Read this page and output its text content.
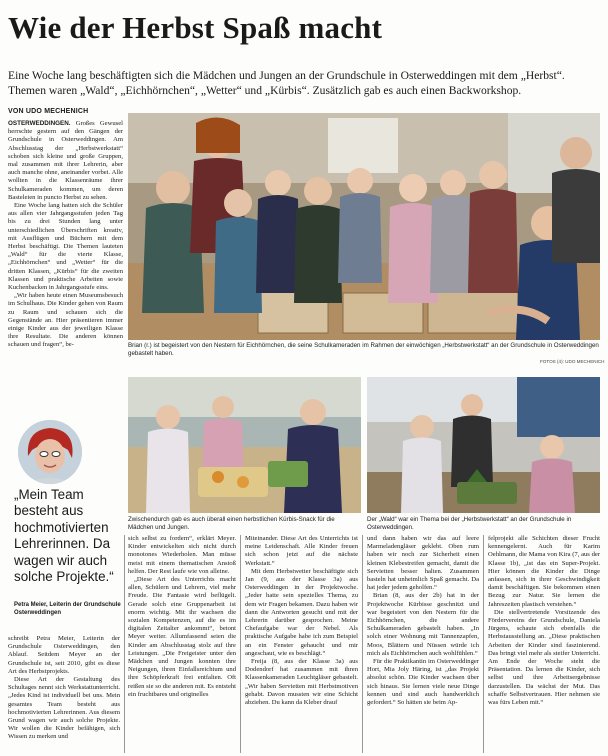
Wie der Herbst Spaß macht
Eine Woche lang beschäftigten sich die Mädchen und Jungen an der Grundschule in Osterweddingen mit dem „Herbst“. Themen waren „Wald“, „Eichhörnchen“, „Wetter“ und „Kürbis“. Zusätzlich gab es auch einen Backworkshop.
VON UDO MECHENICH

OSTERWEDDINGEN. Großes Gewusel herrschte gestern auf den Gängen der Grundschule in Osterweddingen. Am Abschlusstag der „Herbstwerkstatt“ schoben sich kleine und große Gruppen, mal zusammen mit ihrer Lehrerin, aber auch manche ohne, aneinander vorbei. Alle wollten in die Klassenräume ihrer Schulkameraden kommen, um deren Basteleien in puncto Herbst zu sehen.

Eine Woche lang hatten sich die Schüler aus allen vier Jahrgangsstufen jeden Tag bis zu drei Stunden lang unter unterschiedlichen Überschriften kreativ, mit Ausflügen und Büchern mit dem Herbst beschäftigt. Die Themen lauteten „Wald“ für die vierte Klasse, „Eichhörnchen“ und „Wetter“ für die dritten Klassen, „Kürbis“ für die zweiten Klassen und praktische Arbeiten sowie Kuchenbacken in Jahrgangsstufe eins.

„Wir haben heute einen Museumsbesuch im Schulhaus. Die Kinder gehen von Raum zu Raum und schauen sich die Gegenstände an. Hier präsentieren immer einige Kinder aus der jeweiligen Klasse ihre Resultate. Die anderen können schauen und fragen“, be-	Brian (r.) ist begeistert von den Nestern für Eichhörnchen, die seine Schulkameraden im Rahmen der einwöchigen „Herbstwerkstatt“ an der Grundschule in Osterweddingen gebastelt haben.
FOTOS (4): UDO MECHENICH
„Mein Team besteht aus hochmotivierten Lehrerinnen. Da wagen wir auch solche Projekte.“
Petra Meier, Leiterin der Grundschule Osterweddingen
Zwischendurch gab es auch überall einen herbstlichen Kürbis-Snack für die Mädchen und Jungen.
Der „Wald“ war ein Thema bei der „Herbstwerkstatt“ an der Grundschule in Osterweddingen.

schreibt Petra Meier, Leiterin der Grundschule Osterweddingen, den Ablauf. Seitdem Meyer an der Grundschule ist, seit 2010, gibt es diese Art des Herbstprojekts.

Diese Art der Gestaltung des Schultages nennt sich Werkstattunterricht. „Jedes Kind ist individuell bei uns. Mein gesamtes Team besteht aus hochmotivierten Lehrerinnen. Aus diesem Grund wagen wir auch solche Projekte. Wir wollen die Kinder befähigen, sich Wissen zu merken und

sich selbst zu fordern“, erklärt Meyer. Kinder entwickelten sich nicht durch monotones Wiederholen. Man müsse meist mit einem thematischen Anstoß helfen. Der Rest laufe wie von alleine.

„Diese Art des Unterrichts macht allen, Schülern und Lehrern, viel mehr Freude. Die Fantasie wird beflügelt. Gerade solch eine Gruppenarbeit ist enorm wichtig. Mit ihr wachsen die sozialen Kompetenzen, auf die es im digitalen Zeitalter ankommt“, betont Meyer weiter. Allumfassend seien die Kinder am Abschlusstag stolz auf ihre Leistungen. „Die Freigeister unter den Mädchen und Jungen konnten ihre Neigungen, ihren Einfallsreichtum und ihre Schöpferkraft frei entfalten. Oft reißen sie so die anderen mit. Es entsteht ein fruchtbares und originelles

Miteinander. Diese Art des Unterrichts ist meine Leidenschaft. Alle Kinder freuen sich schon jetzt auf die nächste Werkstatt.“

Mit dem Herbstwetter beschäftigte sich Jan (9, aus der Klasse 3a) aus Osterweddingen in der Projektwoche. „Jeder hatte sein spezielles Thema, zu dem wir Fragen bekamen. Dazu haben wir dann die Antworten gesucht und mit der Lehrerin darüber gesprochen. Meine Chefaufgabe war der Nebel. Als praktische Aufgabe habe ich zum Beispiel an ein Fenster gehaucht und mir angeschaut, wie es beschlägt.“

Freija (8, aus der Klasse 3a) aus Dodendorf hat zusammen mit ihren Klassenkameraden Leuchtgläser gebastelt. „Wir haben Servietten mit Herbstmotiven gehabt. Davon mussten wir eine Schicht abziehen. Du kann da Kleber drauf

und dann haben wir das auf leere Marmeladengläser geklebt. Oben rum haben wir noch zur Sicherheit einen kleinen Klebestreifen gemacht, damit die Servietten besser halten. Zusammen basteln hat unheimlich Spaß gemacht. Da hat jeder jedem geholfen.“

Brian (8, aus der 2b) hat in der Projektwoche Kürbisse geschnitzt und war begeistert von den Nestern für die Eichhörnchen, die andere Schulkameraden gebastelt haben. „In solch einer Wohnung mit Tannenzapfen, Moos, Blättern und Nüssen würde ich mich als Eichhörnchen auch wohlfühlen.“

Für die Praktikantin im Osterweddinger Hort, Mia Joly Häring, ist „das Projekt absolut schön. Die Kinder wachsen über sich hinaus. Sie lernen viele neue Dinge kennen und sind auch handwerklich gefordert.“ So hätten sie beim Ap-

felprojekt alle Schichten dieser Frucht kennengelernt. Auch für Karim Oehlmann, die Mama von Kira (7, aus der Klasse 1b), „ist das ein Super-Projekt. Hier können die Kinder die Dinge anfassen, sich in ihrer Geschwindigkeit damit beschäftigen. Sie bekommen einen Bezug zur Natur. Sie lernen die Jahreszeiten plastisch verstehen.“

Die stellvertretende Vorsitzende des Fördervereins der Grundschule, Daniela Jürgens, schaute sich ebenfalls die Herbstausstellung an. „Diese praktischen Arbeiten der Kinder sind faszinierend. Das bringt viel mehr als steifer Unterricht. Am Ende der Woche steht die Präsentation. Da lernen die Kinder, sich selbst und ihre Arbeitsergebnisse darzustellen. Da wächst der Mut. Das schaffe Selbstvertrauen. Hier nehmen sie was fürs Leben mit.“
